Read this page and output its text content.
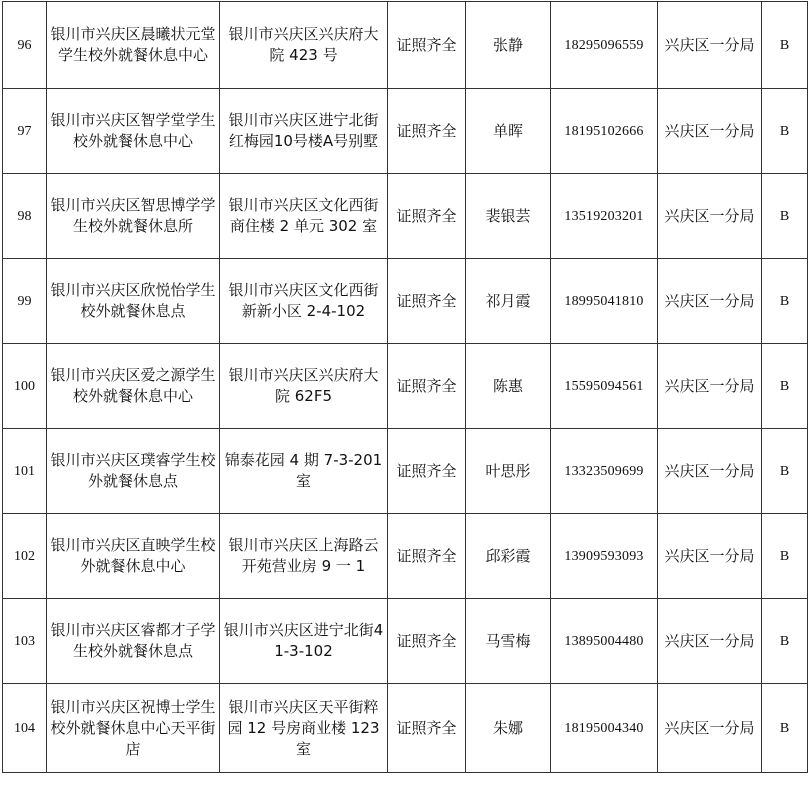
96	银川市兴庆区晨曦状元堂学生校外就餐休息中心	银川市兴庆区兴庆府大院 423 号	证照齐全	张静	18295096559	兴庆区一分局	B
97	银川市兴庆区智学堂学生校外就餐休息中心	银川市兴庆区进宁北街红梅园10号楼A号别墅	证照齐全	单晖	18195102666	兴庆区一分局	B
98	银川市兴庆区智思博学学生校外就餐休息所	银川市兴庆区文化西街商住楼 2 单元 302 室	证照齐全	裴银芸	13519203201	兴庆区一分局	B
99	银川市兴庆区欣悦怡学生校外就餐休息点	银川市兴庆区文化西街新新小区 2-4-102	证照齐全	祁月霞	18995041810	兴庆区一分局	B
100	银川市兴庆区爱之源学生校外就餐休息中心	银川市兴庆区兴庆府大院 62F5	证照齐全	陈惠	15595094561	兴庆区一分局	B
101	银川市兴庆区璞睿学生校外就餐休息点	锦泰花园 4 期 7-3-201 室	证照齐全	叶思彤	13323509699	兴庆区一分局	B
102	银川市兴庆区直映学生校外就餐休息中心	银川市兴庆区上海路云开苑营业房 9 一 1	证照齐全	邱彩霞	13909593093	兴庆区一分局	B
103	银川市兴庆区睿都才子学生校外就餐休息点	银川市兴庆区进宁北街41-3-102	证照齐全	马雪梅	13895004480	兴庆区一分局	B
104	银川市兴庆区祝博士学生校外就餐休息中心天平街店	银川市兴庆区天平街粹园 12 号房商业楼 123 室	证照齐全	朱娜	18195004340	兴庆区一分局	B
